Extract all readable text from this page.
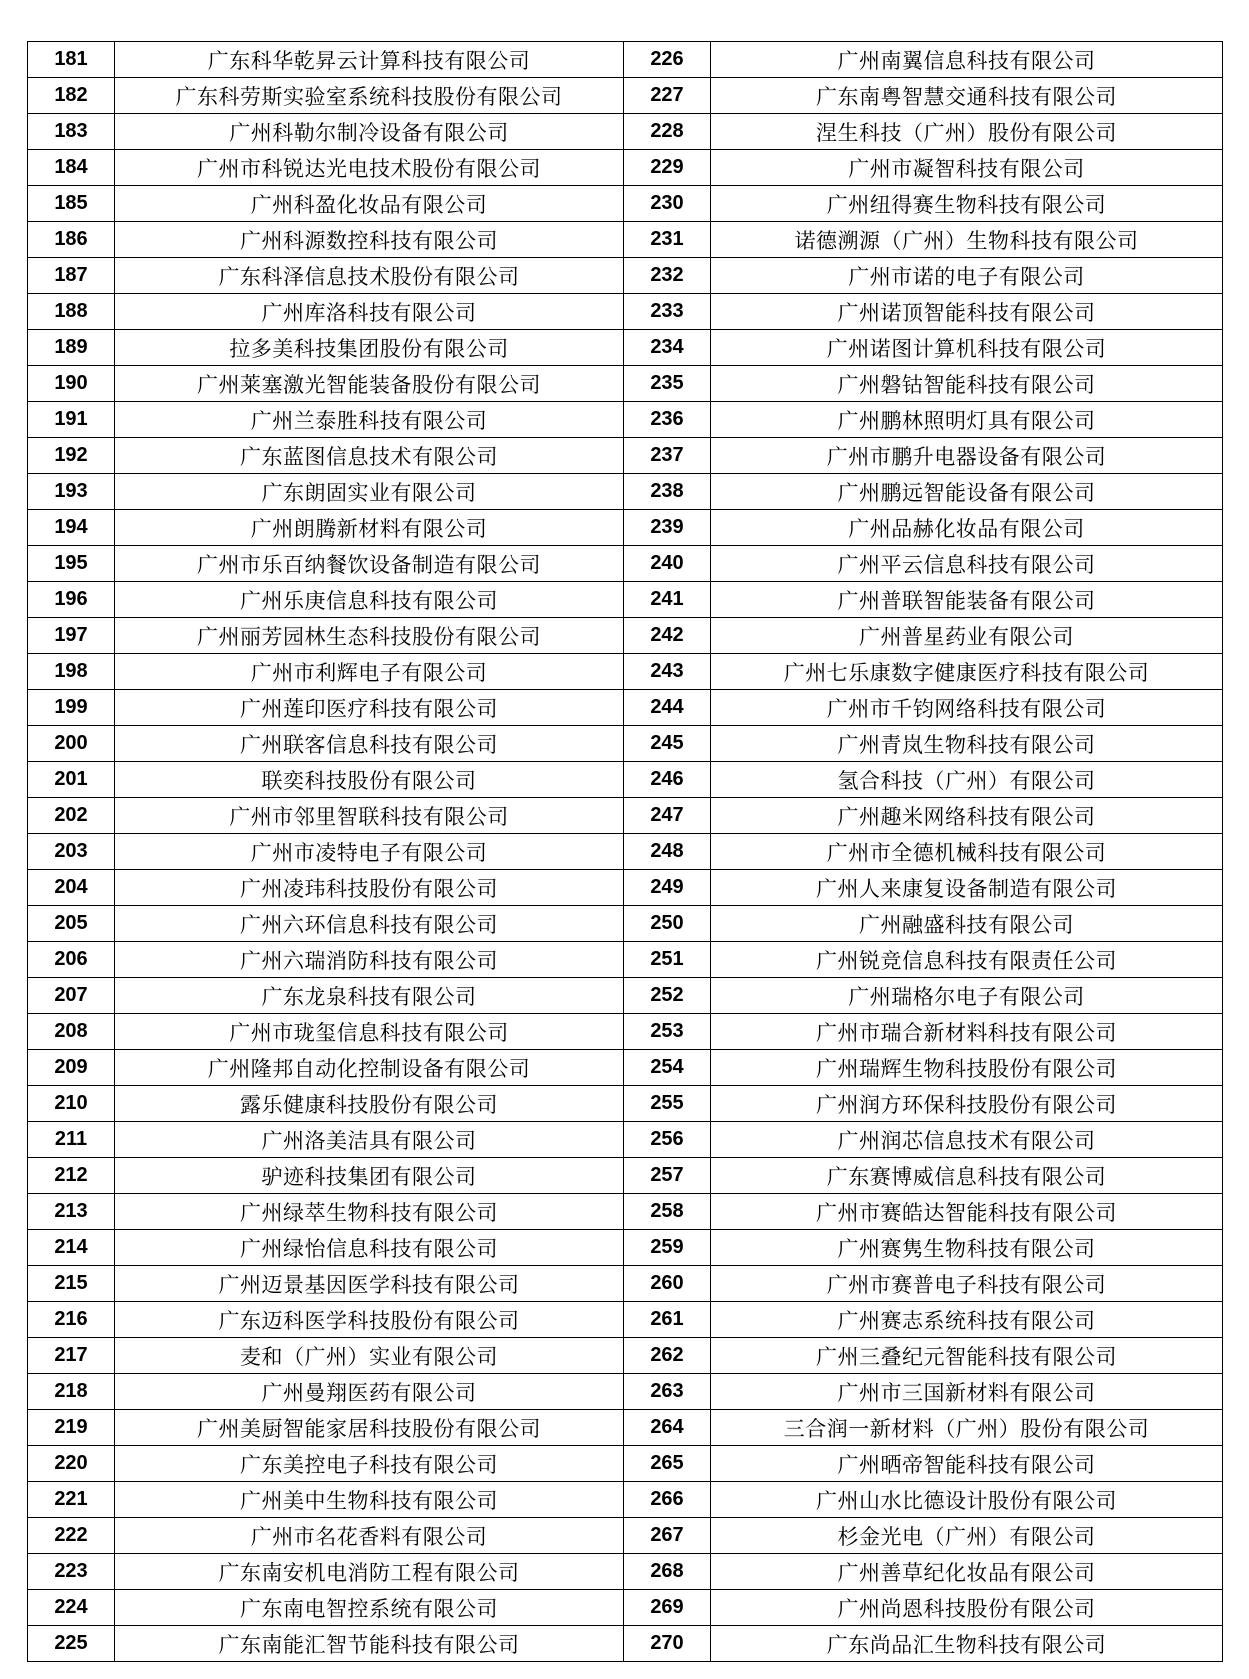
181	广东科华乾昇云计算科技有限公司	226	广州南翼信息科技有限公司
182	广东科劳斯实验室系统科技股份有限公司	227	广东南粤智慧交通科技有限公司
183	广州科勒尔制冷设备有限公司	228	涅生科技（广州）股份有限公司
184	广州市科锐达光电技术股份有限公司	229	广州市凝智科技有限公司
185	广州科盈化妆品有限公司	230	广州纽得赛生物科技有限公司
186	广州科源数控科技有限公司	231	诺德溯源（广州）生物科技有限公司
187	广东科泽信息技术股份有限公司	232	广州市诺的电子有限公司
188	广州库洛科技有限公司	233	广州诺顶智能科技有限公司
189	拉多美科技集团股份有限公司	234	广州诺图计算机科技有限公司
190	广州莱塞激光智能装备股份有限公司	235	广州磐钴智能科技有限公司
191	广州兰泰胜科技有限公司	236	广州鹏林照明灯具有限公司
192	广东蓝图信息技术有限公司	237	广州市鹏升电器设备有限公司
193	广东朗固实业有限公司	238	广州鹏远智能设备有限公司
194	广州朗腾新材料有限公司	239	广州品赫化妆品有限公司
195	广州市乐百纳餐饮设备制造有限公司	240	广州平云信息科技有限公司
196	广州乐庚信息科技有限公司	241	广州普联智能装备有限公司
197	广州丽芳园林生态科技股份有限公司	242	广州普星药业有限公司
198	广州市利辉电子有限公司	243	广州七乐康数字健康医疗科技有限公司
199	广州莲印医疗科技有限公司	244	广州市千钧网络科技有限公司
200	广州联客信息科技有限公司	245	广州青岚生物科技有限公司
201	联奕科技股份有限公司	246	氢合科技（广州）有限公司
202	广州市邻里智联科技有限公司	247	广州趣米网络科技有限公司
203	广州市凌特电子有限公司	248	广州市全德机械科技有限公司
204	广州凌玮科技股份有限公司	249	广州人来康复设备制造有限公司
205	广州六环信息科技有限公司	250	广州融盛科技有限公司
206	广州六瑞消防科技有限公司	251	广州锐竞信息科技有限责任公司
207	广东龙泉科技有限公司	252	广州瑞格尔电子有限公司
208	广州市珑玺信息科技有限公司	253	广州市瑞合新材料科技有限公司
209	广州隆邦自动化控制设备有限公司	254	广州瑞辉生物科技股份有限公司
210	露乐健康科技股份有限公司	255	广州润方环保科技股份有限公司
211	广州洛美洁具有限公司	256	广州润芯信息技术有限公司
212	驴迹科技集团有限公司	257	广东赛博威信息科技有限公司
213	广州绿萃生物科技有限公司	258	广州市赛皓达智能科技有限公司
214	广州绿怡信息科技有限公司	259	广州赛隽生物科技有限公司
215	广州迈景基因医学科技有限公司	260	广州市赛普电子科技有限公司
216	广东迈科医学科技股份有限公司	261	广州赛志系统科技有限公司
217	麦和（广州）实业有限公司	262	广州三叠纪元智能科技有限公司
218	广州曼翔医药有限公司	263	广州市三国新材料有限公司
219	广州美厨智能家居科技股份有限公司	264	三合润一新材料（广州）股份有限公司
220	广东美控电子科技有限公司	265	广州晒帝智能科技有限公司
221	广州美中生物科技有限公司	266	广州山水比德设计股份有限公司
222	广州市名花香料有限公司	267	杉金光电（广州）有限公司
223	广东南安机电消防工程有限公司	268	广州善草纪化妆品有限公司
224	广东南电智控系统有限公司	269	广州尚恩科技股份有限公司
225	广东南能汇智节能科技有限公司	270	广东尚品汇生物科技有限公司
